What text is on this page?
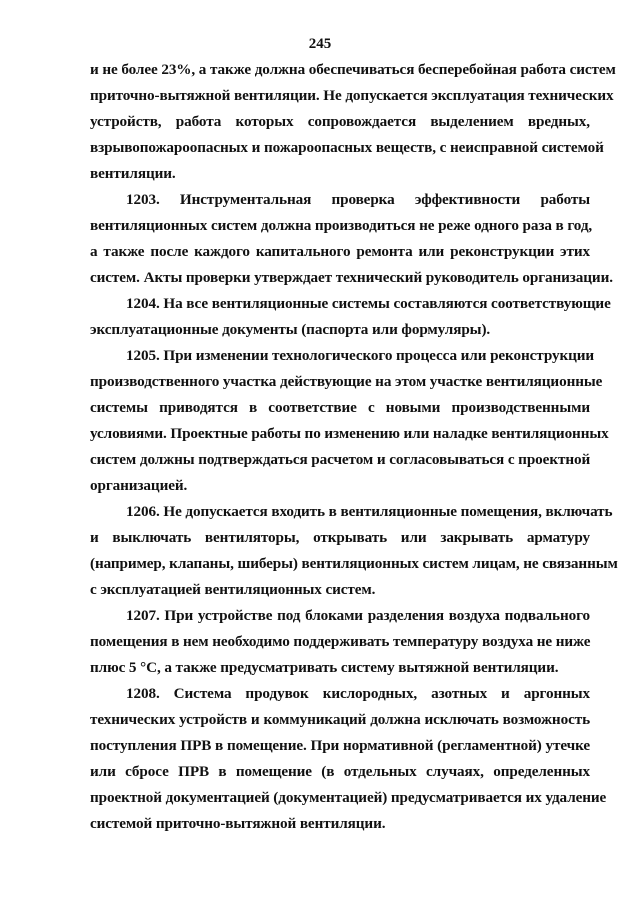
245
и не более 23%, а также должна обеспечиваться бесперебойная работа систем
приточно-вытяжной вентиляции. Не допускается эксплуатация технических
устройств, работа которых сопровождается выделением вредных,
взрывопожароопасных и пожароопасных веществ, с неисправной системой
вентиляции.
1203. Инструментальная проверка эффективности работы
вентиляционных систем должна производиться не реже одного раза в год,
а также после каждого капитального ремонта или реконструкции этих
систем. Акты проверки утверждает технический руководитель организации.
1204. На все вентиляционные системы составляются соответствующие
эксплуатационные документы (паспорта или формуляры).
1205. При изменении технологического процесса или реконструкции
производственного участка действующие на этом участке вентиляционные
системы приводятся в соответствие с новыми производственными
условиями. Проектные работы по изменению или наладке вентиляционных
систем должны подтверждаться расчетом и согласовываться с проектной
организацией.
1206. Не допускается входить в вентиляционные помещения, включать
и выключать вентиляторы, открывать или закрывать арматуру
(например, клапаны, шиберы) вентиляционных систем лицам, не связанным
с эксплуатацией вентиляционных систем.
1207. При устройстве под блоками разделения воздуха подвального
помещения в нем необходимо поддерживать температуру воздуха не ниже
плюс 5 °С, а также предусматривать систему вытяжной вентиляции.
1208. Система продувок кислородных, азотных и аргонных
технических устройств и коммуникаций должна исключать возможность
поступления ПРВ в помещение. При нормативной (регламентной) утечке
или сбросе ПРВ в помещение (в отдельных случаях, определенных
проектной документацией (документацией) предусматривается их удаление
системой приточно-вытяжной вентиляции.
